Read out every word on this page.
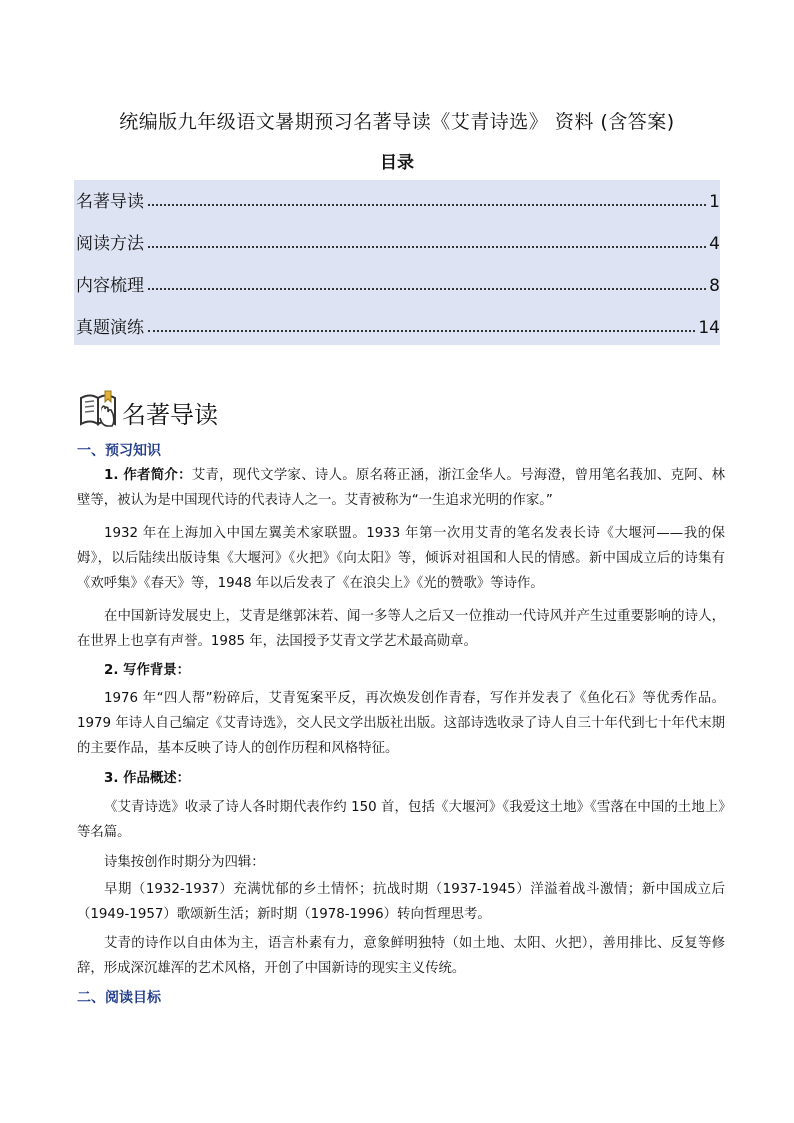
统编版九年级语文暑期预习名著导读《艾青诗选》 资料 (含答案)
目录
名著导读	1
阅读方法	4
内容梳理	8
真题演练	14
名著导读
一、预习知识
1. 作者简介：艾青，现代文学家、诗人。原名蒋正涵，浙江金华人。号海澄，曾用笔名莪加、克阿、林壁等，被认为是中国现代诗的代表诗人之一。艾青被称为“一生追求光明的作家。”
1932 年在上海加入中国左翼美术家联盟。1933 年第一次用艾青的笔名发表长诗《大堰河——我的保姆》，以后陆续出版诗集《大堰河》《火把》《向太阳》等，倾诉对祖国和人民的情感。新中国成立后的诗集有《欢呼集》《春天》等，1948 年以后发表了《在浪尖上》《光的赞歌》等诗作。
在中国新诗发展史上，艾青是继郭沫若、闻一多等人之后又一位推动一代诗风并产生过重要影响的诗人，在世界上也享有声誉。1985 年，法国授予艾青文学艺术最高勋章。
2. 写作背景：
1976 年“四人帮”粉碎后，艾青冤案平反，再次焕发创作青春，写作并发表了《鱼化石》等优秀作品。1979 年诗人自己编定《艾青诗选》，交人民文学出版社出版。这部诗选收录了诗人自三十年代到七十年代末期的主要作品，基本反映了诗人的创作历程和风格特征。
3. 作品概述：
《艾青诗选》收录了诗人各时期代表作约 150 首，包括《大堰河》《我爱这土地》《雪落在中国的土地上》等名篇。
诗集按创作时期分为四辑：
早期（1932-1937）充满忧郁的乡土情怀；抗战时期（1937-1945）洋溢着战斗激情；新中国成立后（1949-1957）歌颂新生活；新时期（1978-1996）转向哲理思考。
艾青的诗作以自由体为主，语言朴素有力，意象鲜明独特（如土地、太阳、火把），善用排比、反复等修辞，形成深沉雄浑的艺术风格，开创了中国新诗的现实主义传统。
二、阅读目标
